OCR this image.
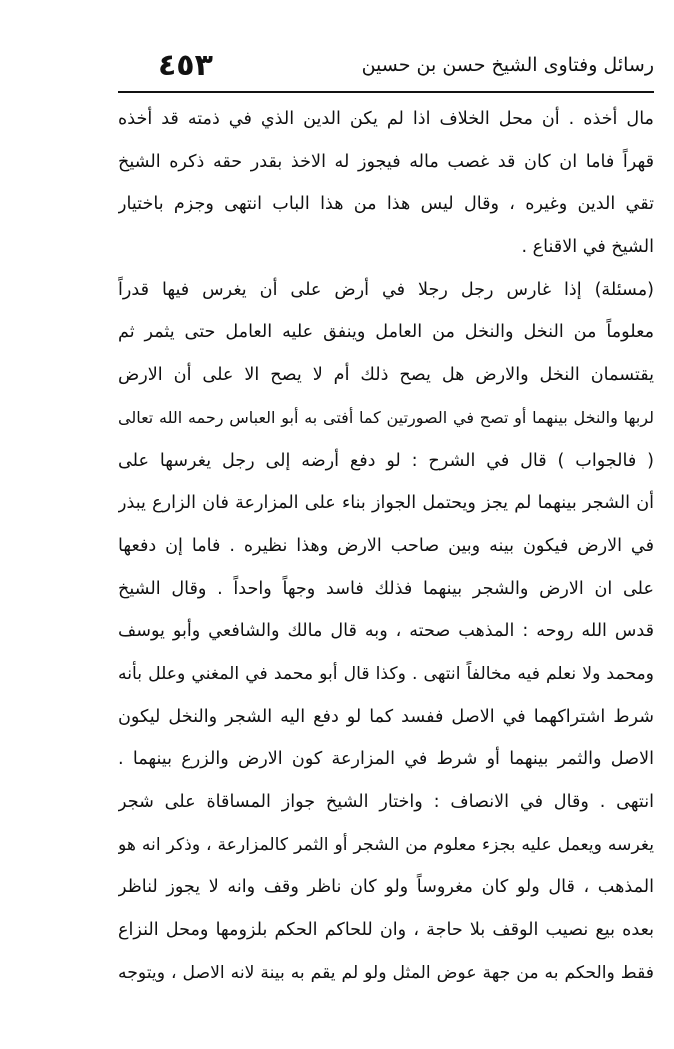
رسائل وفتاوى الشيخ حسن بن حسين
٤٥٣
مال أخذه . أن محل الخلاف اذا لم يكن الدين الذي في ذمته قد أخذه
قهراً فاما ان كان قد غصب ماله فيجوز له الاخذ بقدر حقه ذكره الشيخ
تقي الدين وغيره ، وقال ليس هذا من هذا الباب انتهى وجزم باختيار
الشيخ في الاقناع .
(مسئلة) إذا غارس رجل رجلا في أرض على أن يغرس فيها قدراً
معلوماً من النخل والنخل من العامل وينفق عليه العامل حتى يثمر ثم
يقتسمان النخل والارض هل يصح ذلك أم لا يصح الا على أن الارض
لربها والنخل بينهما أو تصح في الصورتين كما أفتى به أبو العباس رحمه الله تعالى
( فالجواب ) قال في الشرح : لو دفع أرضه إلى رجل يغرسها على
أن الشجر بينهما لم يجز ويحتمل الجواز بناء على المزارعة فان الزارع يبذر
في الارض فيكون بينه وبين صاحب الارض وهذا نظيره . فاما إن دفعها
على ان الارض والشجر بينهما فذلك فاسد وجهاً واحداً . وقال الشيخ
قدس الله روحه : المذهب صحته ، وبه قال مالك والشافعي وأبو يوسف
ومحمد ولا نعلم فيه مخالفاً انتهى . وكذا قال أبو محمد في المغني وعلل بأنه
شرط اشتراكهما في الاصل ففسد كما لو دفع اليه الشجر والنخل ليكون
الاصل والثمر بينهما أو شرط في المزارعة كون الارض والزرع بينهما .
انتهى . وقال في الانصاف : واختار الشيخ جواز المساقاة على شجر
يغرسه ويعمل عليه بجزء معلوم من الشجر أو الثمر كالمزارعة ، وذكر انه هو
المذهب ، قال ولو كان مغروساً ولو كان ناظر وقف وانه لا يجوز لناظر
بعده بيع نصيب الوقف بلا حاجة ، وان للحاكم الحكم بلزومها ومحل النزاع
فقط والحكم به من جهة عوض المثل ولو لم يقم به بينة لانه الاصل ، ويتوجه
